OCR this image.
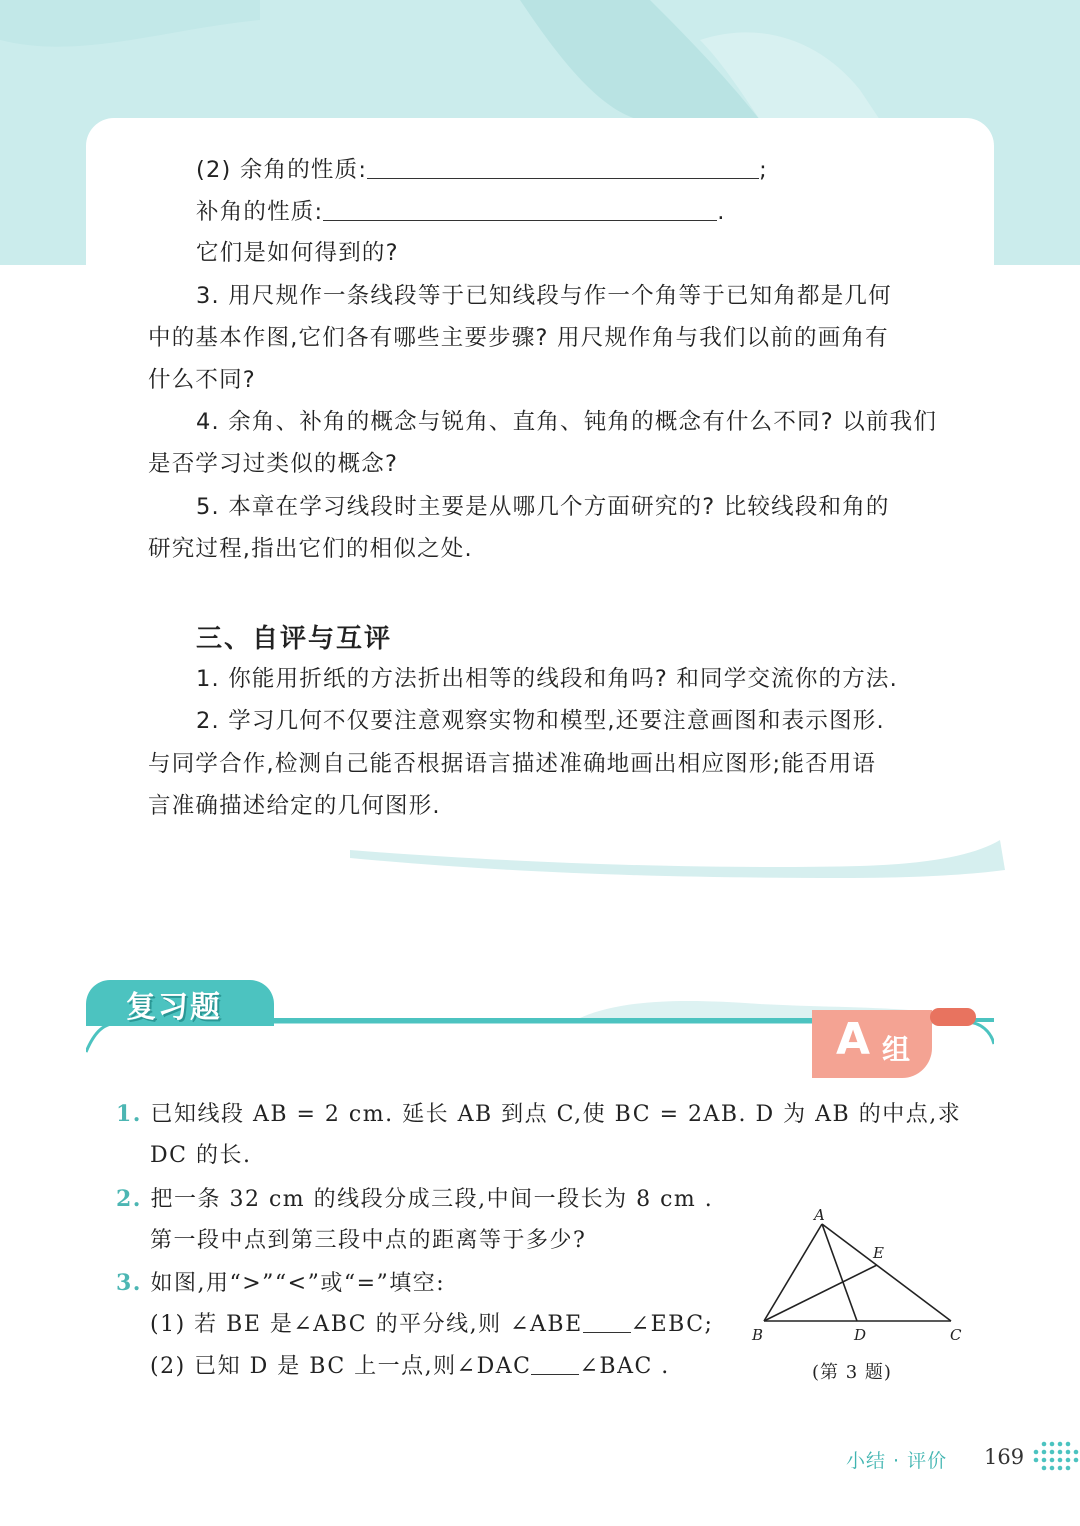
(2) 余角的性质:	;
补角的性质:	.
它们是如何得到的?
3. 用尺规作一条线段等于已知线段与作一个角等于已知角都是几何
中的基本作图,它们各有哪些主要步骤? 用尺规作角与我们以前的画角有
什么不同?
4. 余角、补角的概念与锐角、直角、钝角的概念有什么不同? 以前我们
是否学习过类似的概念?
5. 本章在学习线段时主要是从哪几个方面研究的? 比较线段和角的
研究过程,指出它们的相似之处.
三、自评与互评
1. 你能用折纸的方法折出相等的线段和角吗? 和同学交流你的方法.
2. 学习几何不仅要注意观察实物和模型,还要注意画图和表示图形.
与同学合作,检测自己能否根据语言描述准确地画出相应图形;能否用语
言准确描述给定的几何图形.
复习题
A 组
1. 已知线段 AB = 2 cm. 延长 AB 到点 C,使 BC = 2AB. D 为 AB 的中点,求
DC 的长.
2. 把一条 32 cm 的线段分成三段,中间一段长为 8 cm .
第一段中点到第三段中点的距离等于多少?
3. 如图,用“>”“<”或“=”填空:
(1) 若 BE 是∠ABC 的平分线,则 ∠ABE ∠EBC;
(2) 已知 D 是 BC 上一点,则∠DAC ∠BAC .
A
B	C
D
E
(第 3 题)
小结 · 评价 169
